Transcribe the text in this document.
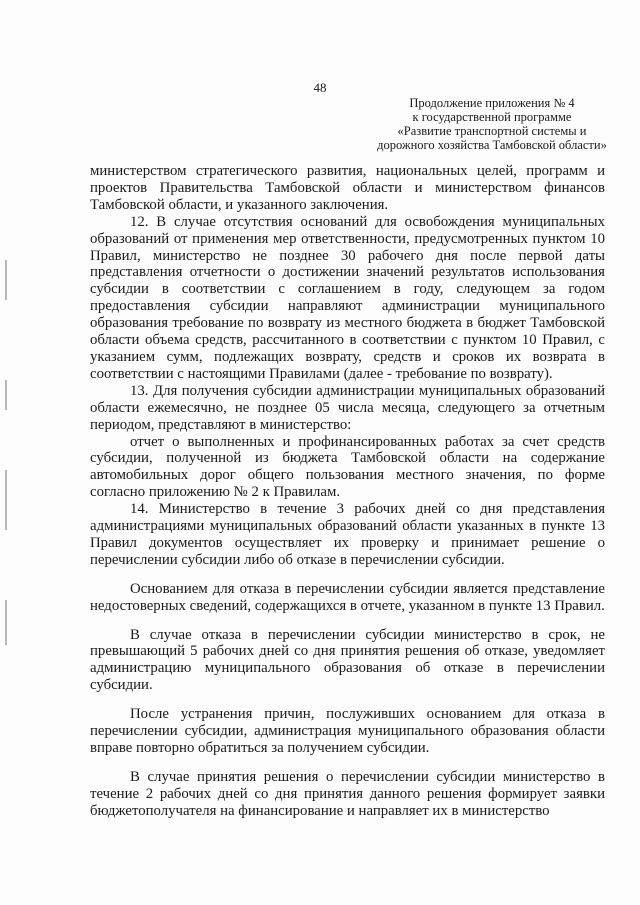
48
Продолжение приложения № 4
к государственной программе
«Развитие транспортной системы и
дорожного хозяйства Тамбовской области»

министерством стратегического развития, национальных целей, программ и проектов Правительства Тамбовской области и министерством финансов Тамбовской области, и указанного заключения.

12. В случае отсутствия оснований для освобождения муниципальных образований от применения мер ответственности, предусмотренных пунктом 10 Правил, министерство не позднее 30 рабочего дня после первой даты представления отчетности о достижении значений результатов использования субсидии в соответствии с соглашением в году, следующем за годом предоставления субсидии направляют администрации муниципального образования требование по возврату из местного бюджета в бюджет Тамбовской области объема средств, рассчитанного в соответствии с пунктом 10 Правил, с указанием сумм, подлежащих возврату, средств и сроков их возврата в соответствии с настоящими Правилами (далее - требование по возврату).

13. Для получения субсидии администрации муниципальных образований области ежемесячно, не позднее 05 числа месяца, следующего за отчетным периодом, представляют в министерство:

отчет о выполненных и профинансированных работах за счет средств субсидии, полученной из бюджета Тамбовской области на содержание автомобильных дорог общего пользования местного значения, по форме согласно приложению № 2 к Правилам.

14. Министерство в течение 3 рабочих дней со дня представления администрациями муниципальных образований области указанных в пункте 13 Правил документов осуществляет их проверку и принимает решение о перечислении субсидии либо об отказе в перечислении субсидии.

Основанием для отказа в перечислении субсидии является представление недостоверных сведений, содержащихся в отчете, указанном в пункте 13 Правил.

В случае отказа в перечислении субсидии министерство в срок, не превышающий 5 рабочих дней со дня принятия решения об отказе, уведомляет администрацию муниципального образования об отказе в перечислении субсидии.

После устранения причин, послуживших основанием для отказа в перечислении субсидии, администрация муниципального образования области вправе повторно обратиться за получением субсидии.

В случае принятия решения о перечислении субсидии министерство в течение 2 рабочих дней со дня принятия данного решения формирует заявки бюджетополучателя на финансирование и направляет их в министерство
